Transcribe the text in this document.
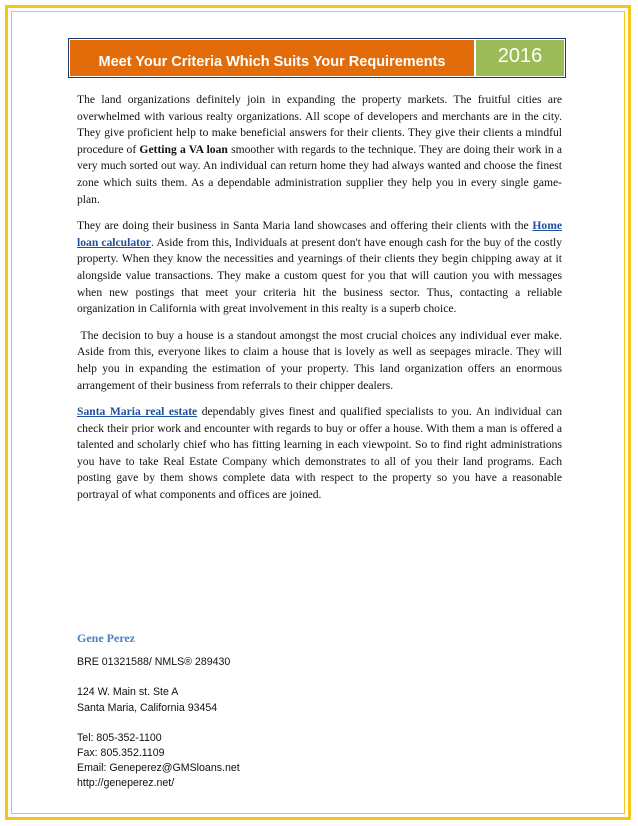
Meet Your Criteria Which Suits Your Requirements	2016

The land organizations definitely join in expanding the property markets. The fruitful cities are overwhelmed with various realty organizations. All scope of developers and merchants are in the city. They give proficient help to make beneficial answers for their clients. They give their clients a mindful procedure of Getting a VA loan smoother with regards to the technique. They are doing their work in a very much sorted out way. An individual can return home they had always wanted and choose the finest zone which suits them. As a dependable administration supplier they help you in every single game-plan.

They are doing their business in Santa Maria land showcases and offering their clients with the Home loan calculator. Aside from this, Individuals at present don't have enough cash for the buy of the costly property. When they know the necessities and yearnings of their clients they begin chipping away at it alongside value transactions. They make a custom quest for you that will caution you with messages when new postings that meet your criteria hit the business sector. Thus, contacting a reliable organization in California with great involvement in this realty is a superb choice.

The decision to buy a house is a standout amongst the most crucial choices any individual ever make. Aside from this, everyone likes to claim a house that is lovely as well as seepages miracle. They will help you in expanding the estimation of your property. This land organization offers an enormous arrangement of their business from referrals to their chipper dealers.

Santa Maria real estate dependably gives finest and qualified specialists to you. An individual can check their prior work and encounter with regards to buy or offer a house. With them a man is offered a talented and scholarly chief who has fitting learning in each viewpoint. So to find right administrations you have to take Real Estate Company which demonstrates to all of you their land programs. Each posting gave by them shows complete data with respect to the property so you have a reasonable portrayal of what components and offices are joined.

Gene Perez
BRE 01321588/ NMLS® 289430
124 W. Main st. Ste A
Santa Maria, California 93454
Tel: 805-352-1100
Fax: 805.352.1109
Email: Geneperez@GMSloans.net
http://geneperez.net/
